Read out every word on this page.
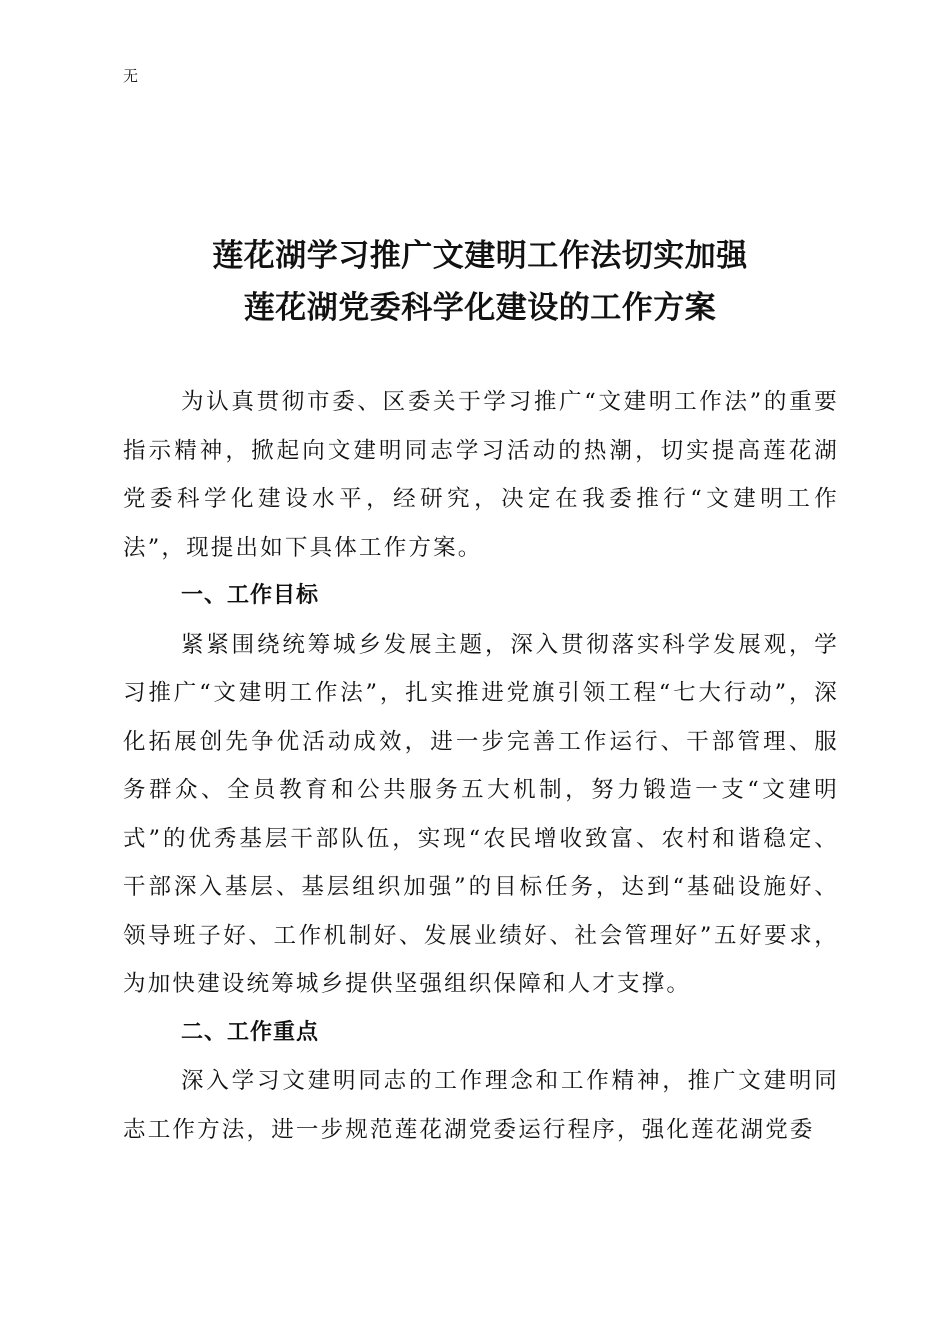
无
莲花湖学习推广文建明工作法切实加强
莲花湖党委科学化建设的工作方案

为认真贯彻市委、区委关于学习推广“文建明工作法”的重要指示精神，掀起向文建明同志学习活动的热潮，切实提高莲花湖党委科学化建设水平，经研究，决定在我委推行“文建明工作法”，现提出如下具体工作方案。

一、工作目标

紧紧围绕统筹城乡发展主题，深入贯彻落实科学发展观，学习推广“文建明工作法”，扎实推进党旗引领工程“七大行动”，深化拓展创先争优活动成效，进一步完善工作运行、干部管理、服务群众、全员教育和公共服务五大机制，努力锻造一支“文建明式”的优秀基层干部队伍，实现“农民增收致富、农村和谐稳定、干部深入基层、基层组织加强”的目标任务，达到“基础设施好、领导班子好、工作机制好、发展业绩好、社会管理好”五好要求，为加快建设统筹城乡提供坚强组织保障和人才支撑。

二、工作重点

深入学习文建明同志的工作理念和工作精神，推广文建明同志工作方法，进一步规范莲花湖党委运行程序，强化莲花湖党委
